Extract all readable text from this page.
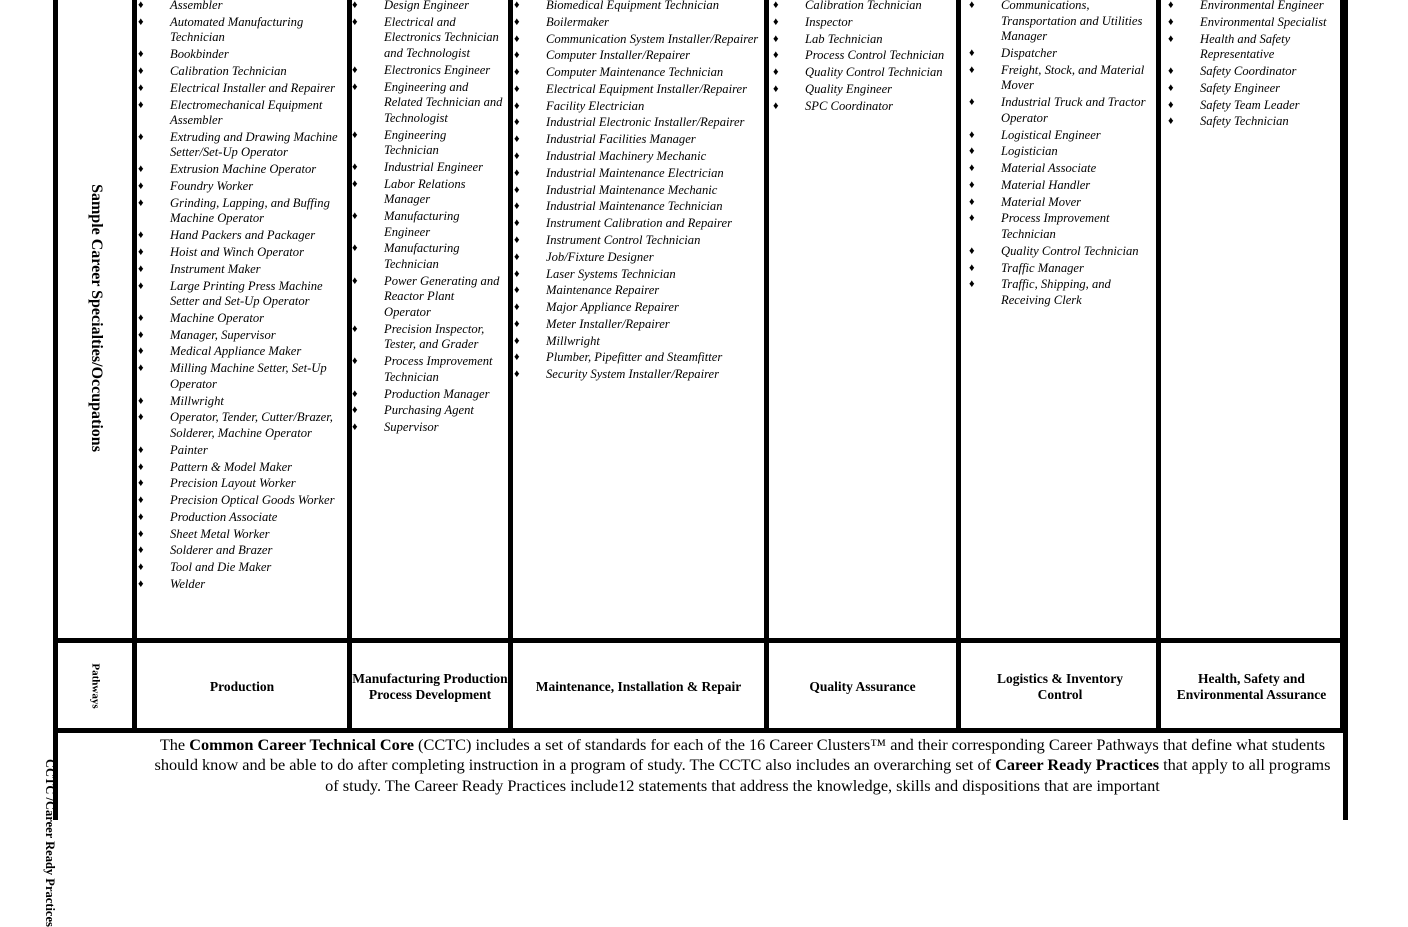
Sample Career Specialties/Occupations
Pathways
CCTC /Career Ready Practices
♦ Assembler
♦ Automated Manufacturing Technician
♦ Bookbinder
♦ Calibration Technician
♦ Electrical Installer and Repairer
♦ Electromechanical Equipment Assembler
♦ Extruding and Drawing Machine Setter/Set-Up Operator
♦ Extrusion Machine Operator
♦ Foundry Worker
♦ Grinding, Lapping, and Buffing Machine Operator
♦ Hand Packers and Packager
♦ Hoist and Winch Operator
♦ Instrument Maker
♦ Large Printing Press Machine Setter and Set-Up Operator
♦ Machine Operator
♦ Manager, Supervisor
♦ Medical Appliance Maker
♦ Milling Machine Setter, Set-Up Operator
♦ Millwright
♦ Operator, Tender, Cutter/Brazer, Solderer, Machine Operator
♦ Painter
♦ Pattern & Model Maker
♦ Precision Layout Worker
♦ Precision Optical Goods Worker
♦ Production Associate
♦ Sheet Metal Worker
♦ Solderer and Brazer
♦ Tool and Die Maker
♦ Welder
♦ Design Engineer
♦ Electrical and Electronics Technician and Technologist
♦ Electronics Engineer
♦ Engineering and Related Technician and Technologist
♦ Engineering Technician
♦ Industrial Engineer
♦ Labor Relations Manager
♦ Manufacturing Engineer
♦ Manufacturing Technician
♦ Power Generating and Reactor Plant Operator
♦ Precision Inspector, Tester, and Grader
♦ Process Improvement Technician
♦ Production Manager
♦ Purchasing Agent
♦ Supervisor
♦ Biomedical Equipment Technician
♦ Boilermaker
♦ Communication System Installer/Repairer
♦ Computer Installer/Repairer
♦ Computer Maintenance Technician
♦ Electrical Equipment Installer/Repairer
♦ Facility Electrician
♦ Industrial Electronic Installer/Repairer
♦ Industrial Facilities Manager
♦ Industrial Machinery Mechanic
♦ Industrial Maintenance Electrician
♦ Industrial Maintenance Mechanic
♦ Industrial Maintenance Technician
♦ Instrument Calibration and Repairer
♦ Instrument Control Technician
♦ Job/Fixture Designer
♦ Laser Systems Technician
♦ Maintenance Repairer
♦ Major Appliance Repairer
♦ Meter Installer/Repairer
♦ Millwright
♦ Plumber, Pipefitter and Steamfitter
♦ Security System Installer/Repairer
♦ Calibration Technician
♦ Inspector
♦ Lab Technician
♦ Process Control Technician
♦ Quality Control Technician
♦ Quality Engineer
♦ SPC Coordinator
♦ Communications, Transportation and Utilities Manager
♦ Dispatcher
♦ Freight, Stock, and Material Mover
♦ Industrial Truck and Tractor Operator
♦ Logistical Engineer
♦ Logistician
♦ Material Associate
♦ Material Handler
♦ Material Mover
♦ Process Improvement Technician
♦ Quality Control Technician
♦ Traffic Manager
♦ Traffic, Shipping, and Receiving Clerk
♦ Environmental Engineer
♦ Environmental Specialist
♦ Health and Safety Representative
♦ Safety Coordinator
♦ Safety Engineer
♦ Safety Team Leader
♦ Safety Technician
Production
Manufacturing Production Process Development
Maintenance, Installation & Repair	Quality Assurance
Logistics & Inventory Control
Health, Safety and Environmental Assurance
The Common Career Technical Core (CCTC) includes a set of standards for each of the 16 Career Clusters™ and their corresponding Career Pathways that define what students should know and be able to do after completing instruction in a program of study. The CCTC also includes an overarching set of Career Ready Practices that apply to all programs of study. The Career Ready Practices include12 statements that address the knowledge, skills and dispositions that are important
